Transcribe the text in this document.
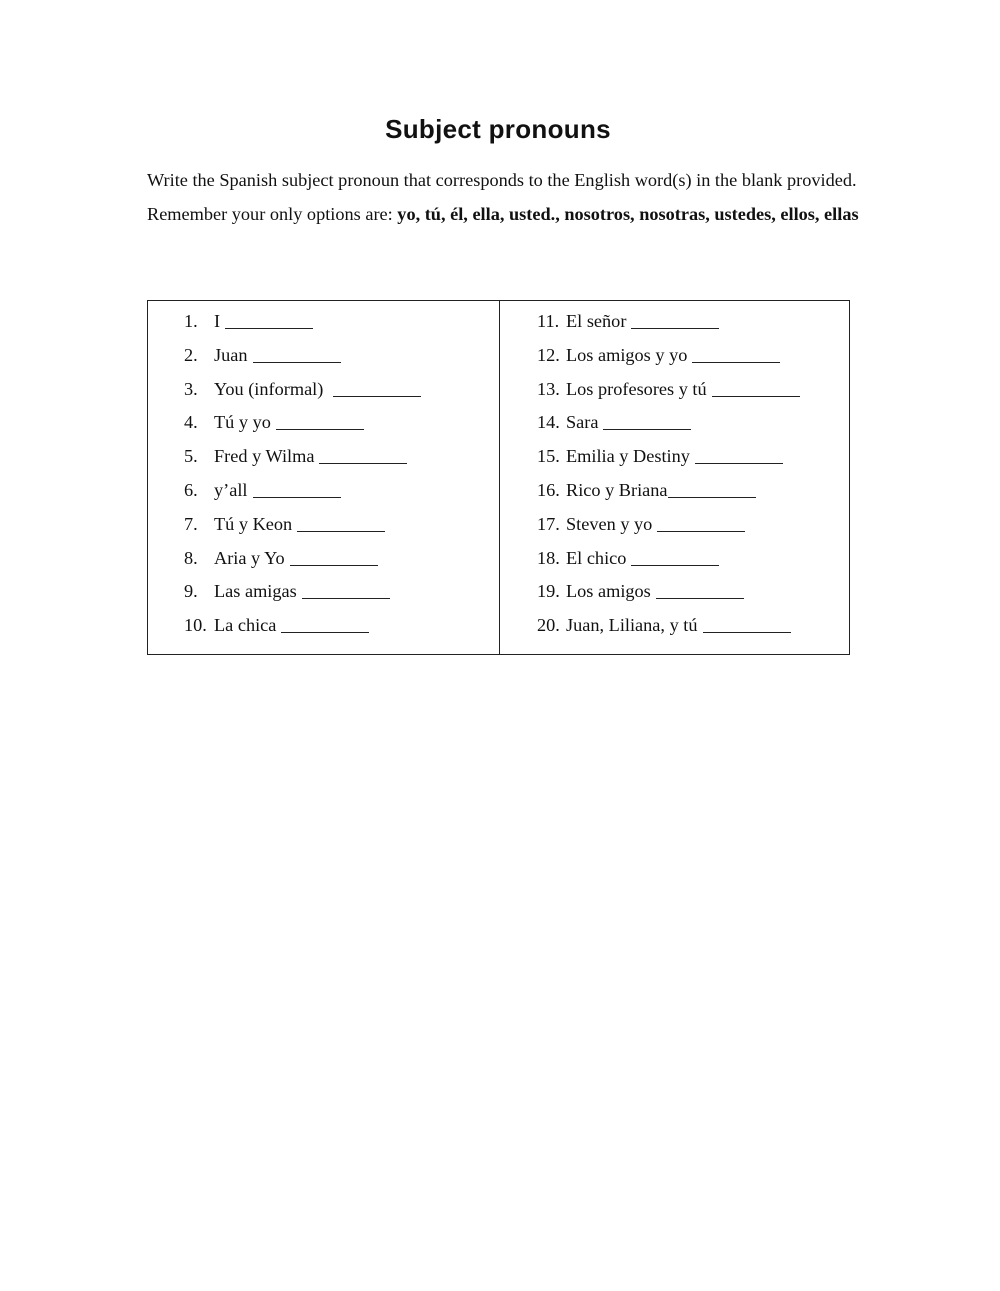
Subject pronouns
Write the Spanish subject pronoun that corresponds to the English word(s) in the blank provided. Remember your only options are: yo, tú, él, ella, usted., nosotros, nosotras, ustedes, ellos, ellas
1. I
2. Juan
3. You (informal)
4. Tú y yo
5. Fred y Wilma
6. y’all
7. Tú y Keon
8. Aria y Yo
9. Las amigas
10. La chica
11. El señor
12. Los amigos y yo
13. Los profesores y tú
14. Sara
15. Emilia y Destiny
16. Rico y Briana
17. Steven y yo
18. El chico
19. Los amigos
20. Juan, Liliana, y tú
